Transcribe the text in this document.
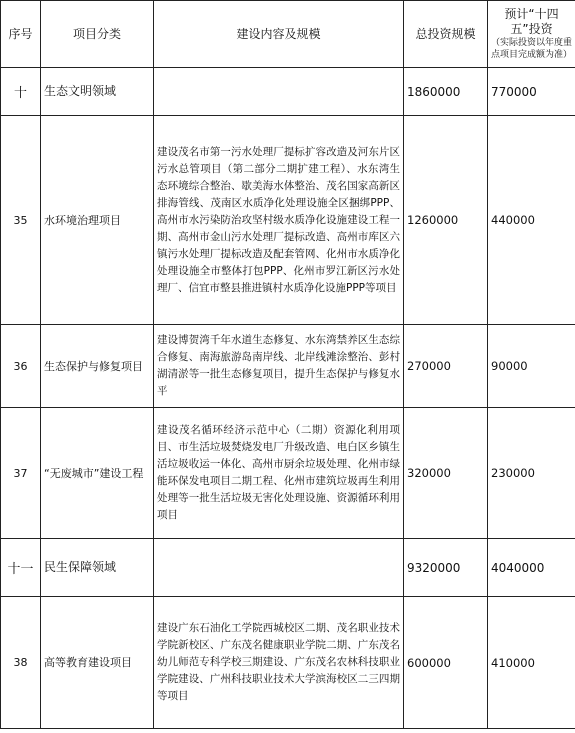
序号	项目分类	建设内容及规模	总投资规模	预计“十四五”投资
（实际投资以年度重点项目完成额为准）

十	生态文明领域		1860000	770000
35	水环境治理项目	建设茂名市第一污水处理厂提标扩容改造及河东片区污水总管项目（第二部分二期扩建工程）、水东湾生态环境综合整治、歇美海水体整治、茂名国家高新区排海管线、茂南区水质净化处理设施全区捆绑PPP、高州市水污染防治攻坚村级水质净化设施建设工程一期、高州市金山污水处理厂提标改造、高州市库区六镇污水处理厂提标改造及配套管网、化州市水质净化处理设施全市整体打包PPP、化州市罗江新区污水处理厂、信宜市整县推进镇村水质净化设施PPP等项目	1260000	440000
36	生态保护与修复项目	建设博贺湾千年水道生态修复、水东湾禁养区生态综合修复、南海旅游岛南岸线、北岸线滩涂整治、彭村湖清淤等一批生态修复项目，提升生态保护与修复水平	270000	90000
37	“无废城市”建设工程	建设茂名循环经济示范中心（二期）资源化利用项目、市生活垃圾焚烧发电厂升级改造、电白区乡镇生活垃圾收运一体化、高州市厨余垃圾处理、化州市绿能环保发电项目二期工程、化州市建筑垃圾再生利用处理等一批生活垃圾无害化处理设施、资源循环利用项目	320000	230000
十一	民生保障领域		9320000	4040000
38	高等教育建设项目	建设广东石油化工学院西城校区二期、茂名职业技术学院新校区、广东茂名健康职业学院二期、广东茂名幼儿师范专科学校三期建设、广东茂名农林科技职业学院建设、广州科技职业技术大学滨海校区二三四期等项目	600000	410000
